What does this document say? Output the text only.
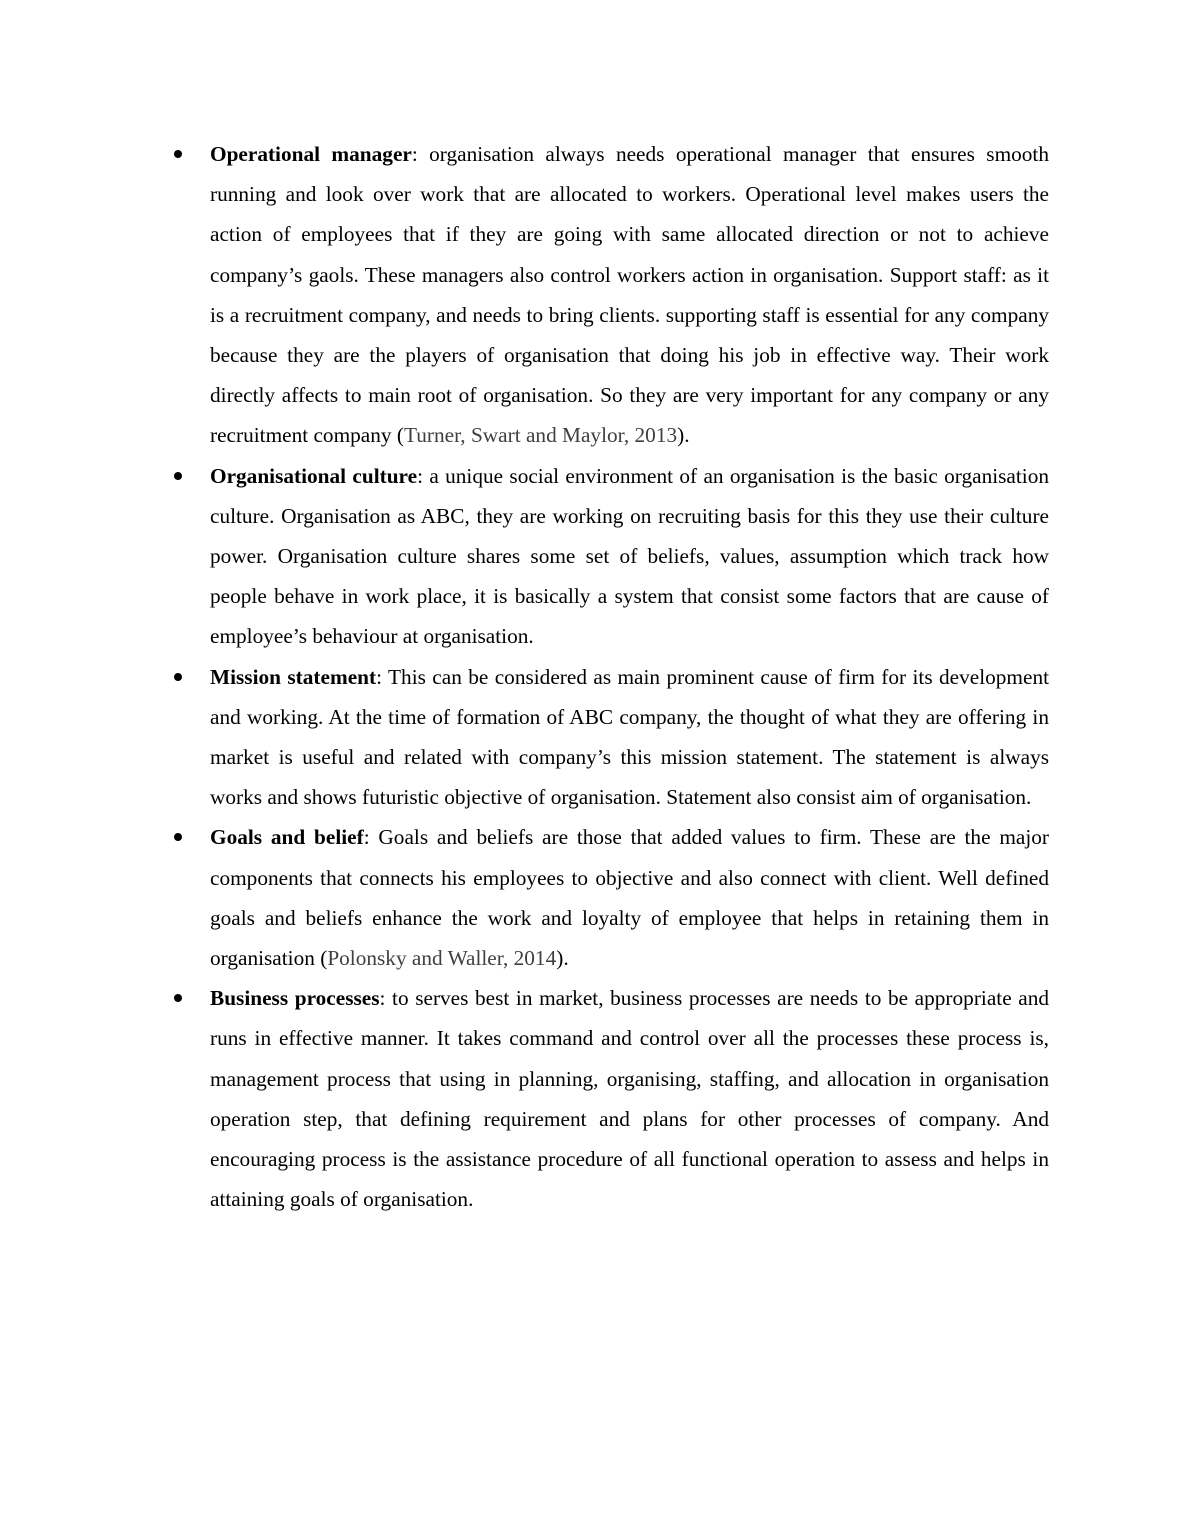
Operational manager: organisation always needs operational manager that ensures smooth running and look over work that are allocated to workers. Operational level makes users the action of employees that if they are going with same allocated direction or not to achieve company’s gaols. These managers also control workers action in organisation. Support staff: as it is a recruitment company, and needs to bring clients. supporting staff is essential for any company because they are the players of organisation that doing his job in effective way. Their work directly affects to main root of organisation. So they are very important for any company or any recruitment company (Turner, Swart and Maylor, 2013).
Organisational culture: a unique social environment of an organisation is the basic organisation culture. Organisation as ABC, they are working on recruiting basis for this they use their culture power. Organisation culture shares some set of beliefs, values, assumption which track how people behave in work place, it is basically a system that consist some factors that are cause of employee’s behaviour at organisation.
Mission statement: This can be considered as main prominent cause of firm for its development and working. At the time of formation of ABC company, the thought of what they are offering in market is useful and related with company’s this mission statement. The statement is always works and shows futuristic objective of organisation. Statement also consist aim of organisation.
Goals and belief: Goals and beliefs are those that added values to firm. These are the major components that connects his employees to objective and also connect with client. Well defined goals and beliefs enhance the work and loyalty of employee that helps in retaining them in organisation (Polonsky and Waller, 2014).
Business processes: to serves best in market, business processes are needs to be appropriate and runs in effective manner. It takes command and control over all the processes these process is, management process that using in planning, organising, staffing, and allocation in organisation operation step, that defining requirement and plans for other processes of company. And encouraging process is the assistance procedure of all functional operation to assess and helps in attaining goals of organisation.
